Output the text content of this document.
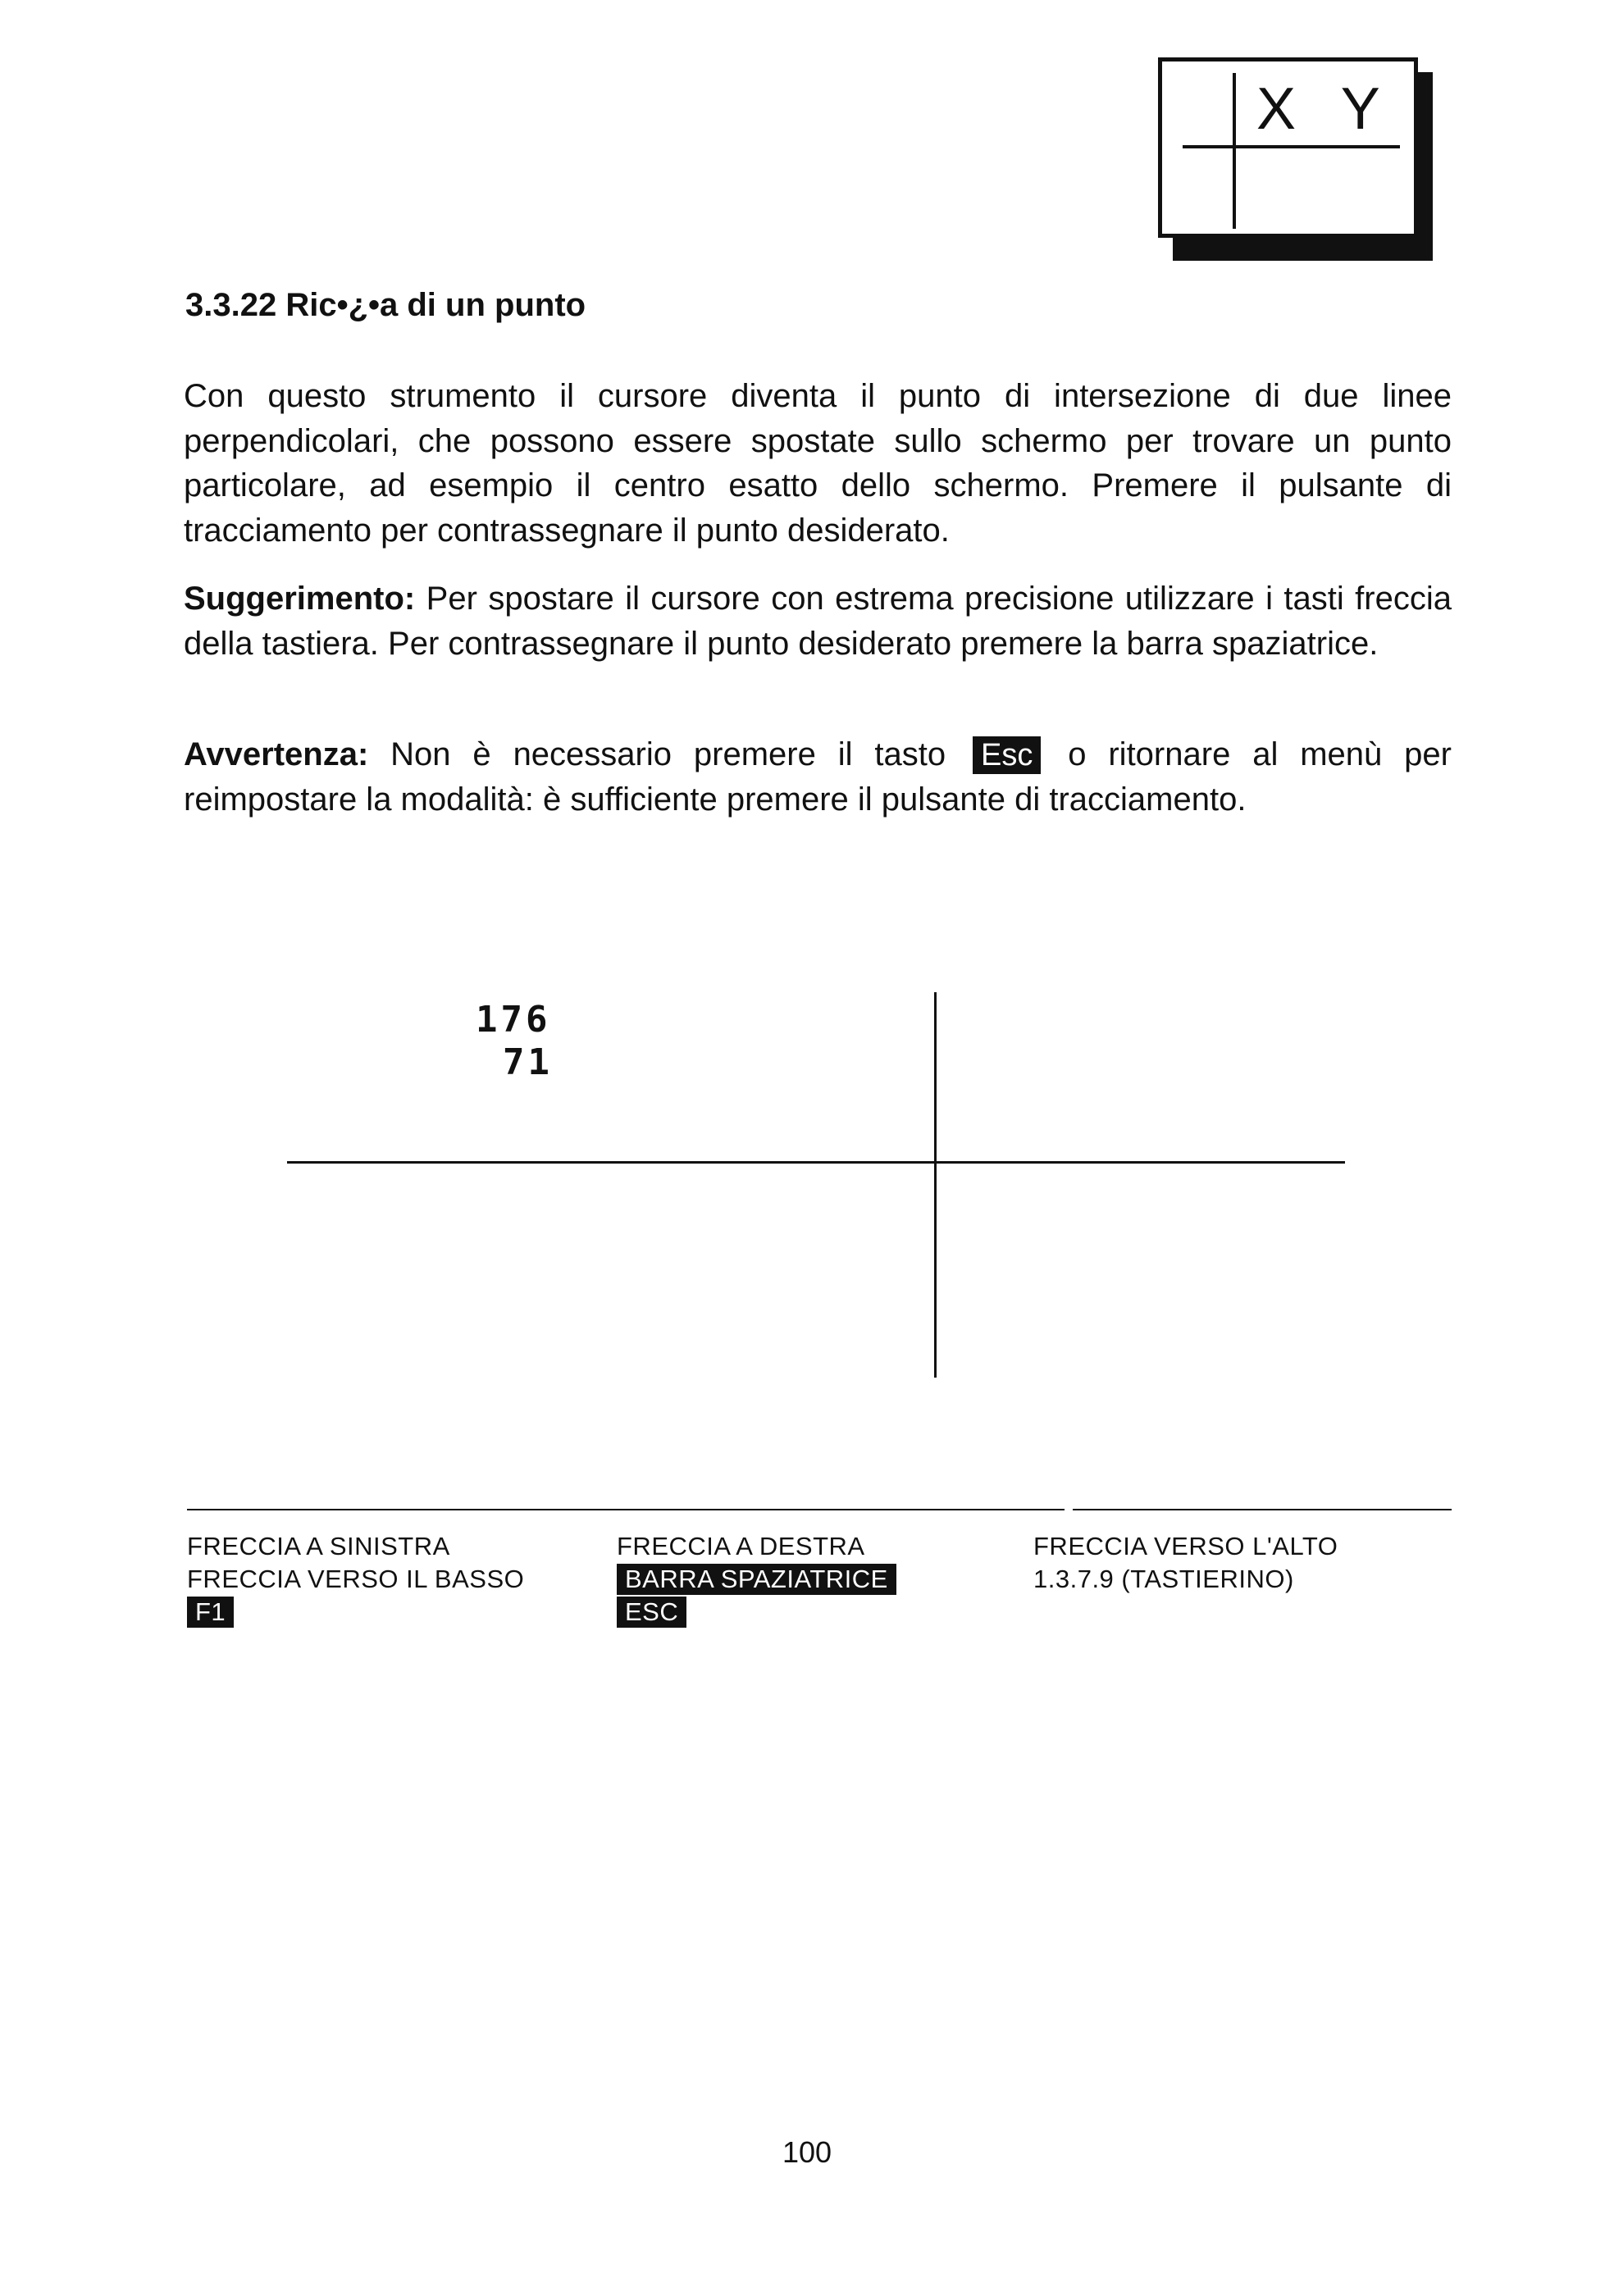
X Y
3.3.22 Ric•¿•a di un punto
Con questo strumento il cursore diventa il punto di intersezione di due linee perpendicolari, che possono essere spostate sullo schermo per trovare un punto particolare, ad esempio il centro esatto dello schermo. Premere il pulsante di tracciamento per contrassegnare il punto desiderato.
Suggerimento: Per spostare il cursore con estrema precisione utilizzare i tasti freccia della tastiera. Per contrassegnare il punto desiderato premere la barra spaziatrice.
Avvertenza: Non è necessario premere il tasto Esc o ritornare al menù per reimpostare la modalità: è sufficiente premere il pulsante di tracciamento.
176
71
FRECCIA A SINISTRA
FRECCIA VERSO IL BASSO
F1
FRECCIA A DESTRA
BARRA SPAZIATRICE
ESC
FRECCIA VERSO L'ALTO
1.3.7.9 (TASTIERINO)
100
